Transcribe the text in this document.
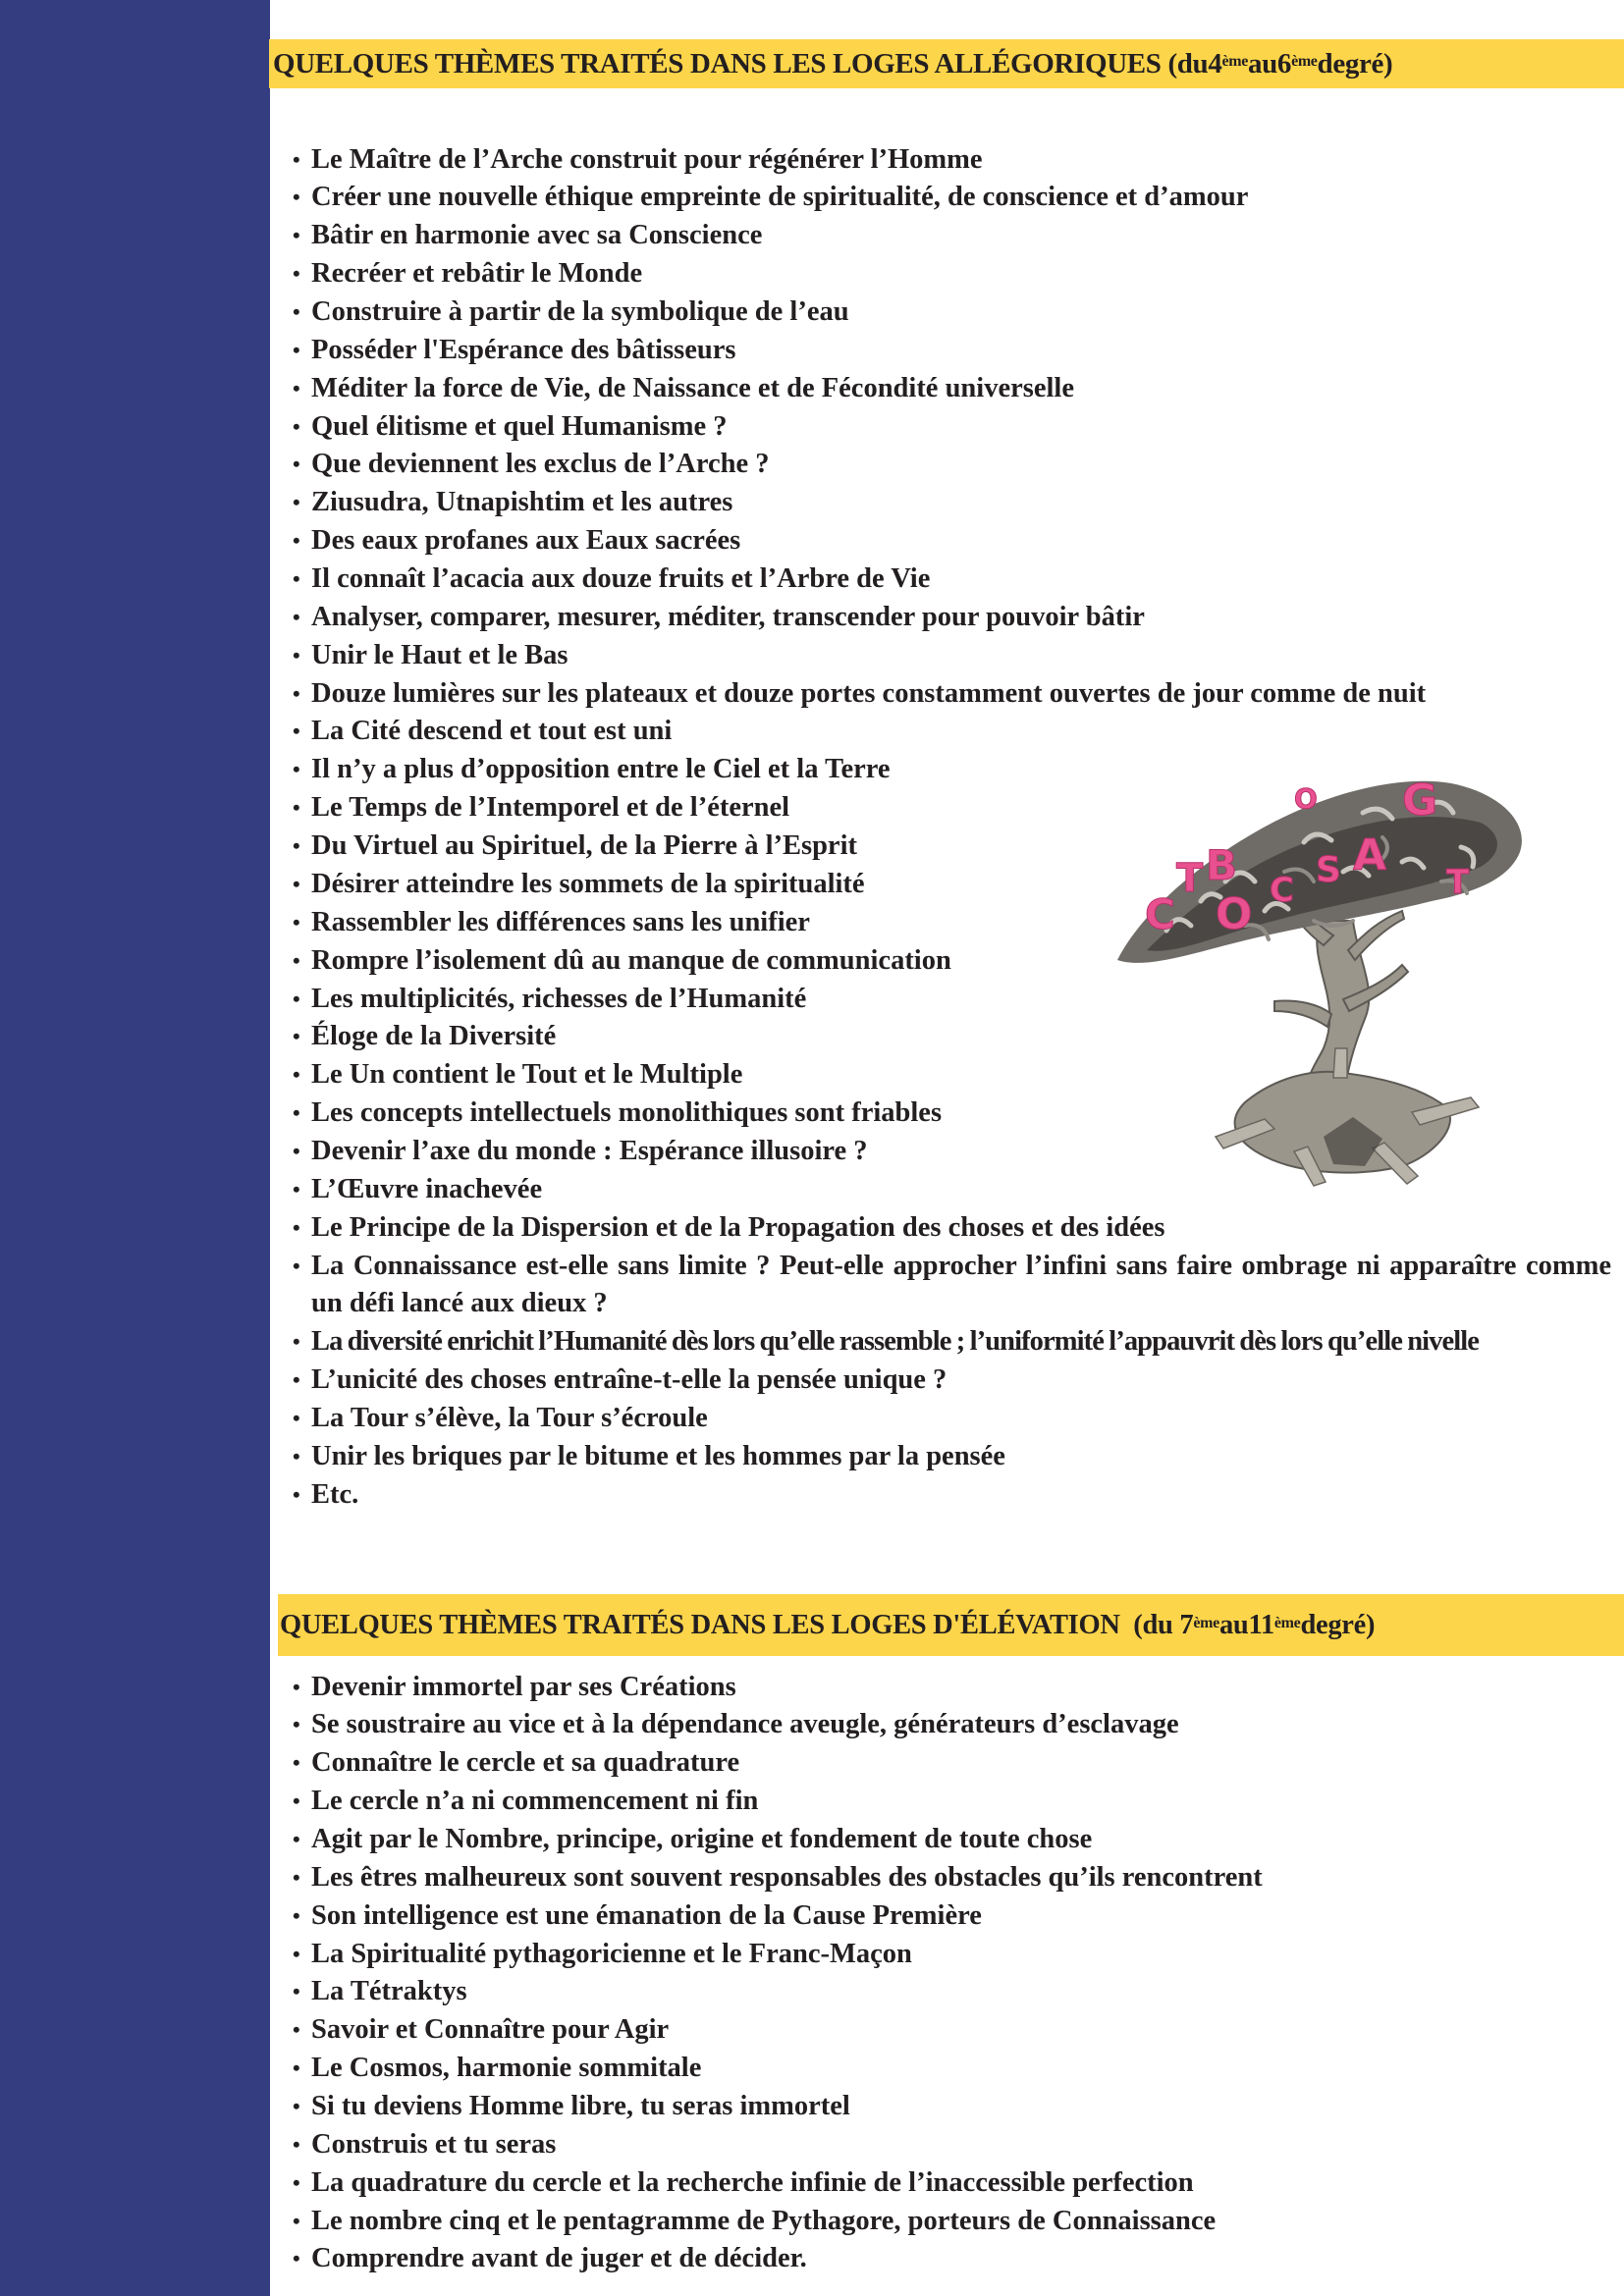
QUELQUES THÈMES TRAITÉS DANS LES LOGES ALLÉGORIQUES (du 4ème au 6ème degré)
• Le Maître de l’Arche construit pour régénérer l’Homme
• Créer une nouvelle éthique empreinte de spiritualité, de conscience et d’amour
• Bâtir en harmonie avec sa Conscience
• Recréer et rebâtir le Monde
• Construire à partir de la symbolique de l’eau
• Posséder l'Espérance des bâtisseurs
• Méditer la force de Vie, de Naissance et de Fécondité universelle
• Quel élitisme et quel Humanisme ?
• Que deviennent les exclus de l’Arche ?
• Ziusudra, Utnapishtim et les autres
• Des eaux profanes aux Eaux sacrées
• Il connaît l’acacia aux douze fruits et l’Arbre de Vie
• Analyser, comparer, mesurer, méditer, transcender pour pouvoir bâtir
• Unir le Haut et le Bas
• Douze lumières sur les plateaux et douze portes constamment ouvertes de jour comme de nuit
• La Cité descend et tout est uni
• Il n’y a plus d’opposition entre le Ciel et la Terre
• Le Temps de l’Intemporel et de l’éternel
• Du Virtuel au Spirituel, de la Pierre à l’Esprit
• Désirer atteindre les sommets de la spiritualité
• Rassembler les différences sans les unifier
• Rompre l’isolement dû au manque de communication
• Les multiplicités, richesses de l’Humanité
• Éloge de la Diversité
• Le Un contient le Tout et le Multiple
• Les concepts intellectuels monolithiques sont friables
• Devenir l’axe du monde : Espérance illusoire ?
• L’Œuvre inachevée
• Le Principe de la Dispersion et de la Propagation des choses et des idées
• La Connaissance est-elle sans limite ? Peut-elle approcher l’infini sans faire ombrage ni apparaître comme un défi lancé aux dieux ?
• La diversité enrichit l’Humanité dès lors qu’elle rassemble ; l’uniformité l’appauvrit dès lors qu’elle nivelle
• L’unicité des choses entraîne-t-elle la pensée unique ?
• La Tour s’élève, la Tour s’écroule
• Unir les briques par le bitume et les hommes par la pensée
• Etc.
C
T B
O C S A
G
T
O
QUELQUES THÈMES TRAITÉS DANS LES LOGES D'ÉLÉVATION  (du 7ème au 11ème degré)
• Devenir immortel par ses Créations
• Se soustraire au vice et à la dépendance aveugle, générateurs d’esclavage
• Connaître le cercle et sa quadrature
• Le cercle n’a ni commencement ni fin
• Agit par le Nombre, principe, origine et fondement de toute chose
• Les êtres malheureux sont souvent responsables des obstacles qu’ils rencontrent
• Son intelligence est une émanation de la Cause Première
• La Spiritualité pythagoricienne et le Franc-Maçon
• La Tétraktys
• Savoir et Connaître pour Agir
• Le Cosmos, harmonie sommitale
• Si tu deviens Homme libre, tu seras immortel
• Construis et tu seras
• La quadrature du cercle et la recherche infinie de l’inaccessible perfection
• Le nombre cinq et le pentagramme de Pythagore, porteurs de Connaissance
• Comprendre avant de juger et de décider.
